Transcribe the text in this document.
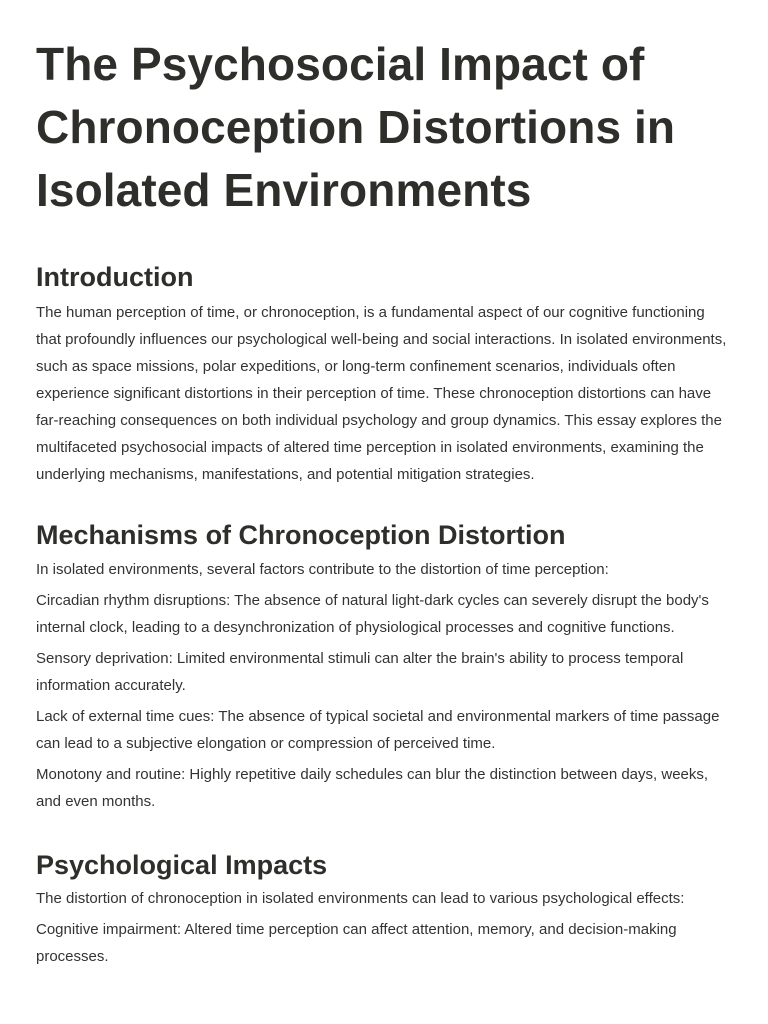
The Psychosocial Impact of Chronoception Distortions in Isolated Environments
Introduction

The human perception of time, or chronoception, is a fundamental aspect of our cognitive functioning that profoundly influences our psychological well-being and social interactions. In isolated environments, such as space missions, polar expeditions, or long-term confinement scenarios, individuals often experience significant distortions in their perception of time. These chronoception distortions can have far-reaching consequences on both individual psychology and group dynamics. This essay explores the multifaceted psychosocial impacts of altered time perception in isolated environments, examining the underlying mechanisms, manifestations, and potential mitigation strategies.

Mechanisms of Chronoception Distortion

In isolated environments, several factors contribute to the distortion of time perception:

Circadian rhythm disruptions: The absence of natural light-dark cycles can severely disrupt the body's internal clock, leading to a desynchronization of physiological processes and cognitive functions.

Sensory deprivation: Limited environmental stimuli can alter the brain's ability to process temporal information accurately.

Lack of external time cues: The absence of typical societal and environmental markers of time passage can lead to a subjective elongation or compression of perceived time.

Monotony and routine: Highly repetitive daily schedules can blur the distinction between days, weeks, and even months.

Psychological Impacts

The distortion of chronoception in isolated environments can lead to various psychological effects:

Cognitive impairment: Altered time perception can affect attention, memory, and decision-making processes.
